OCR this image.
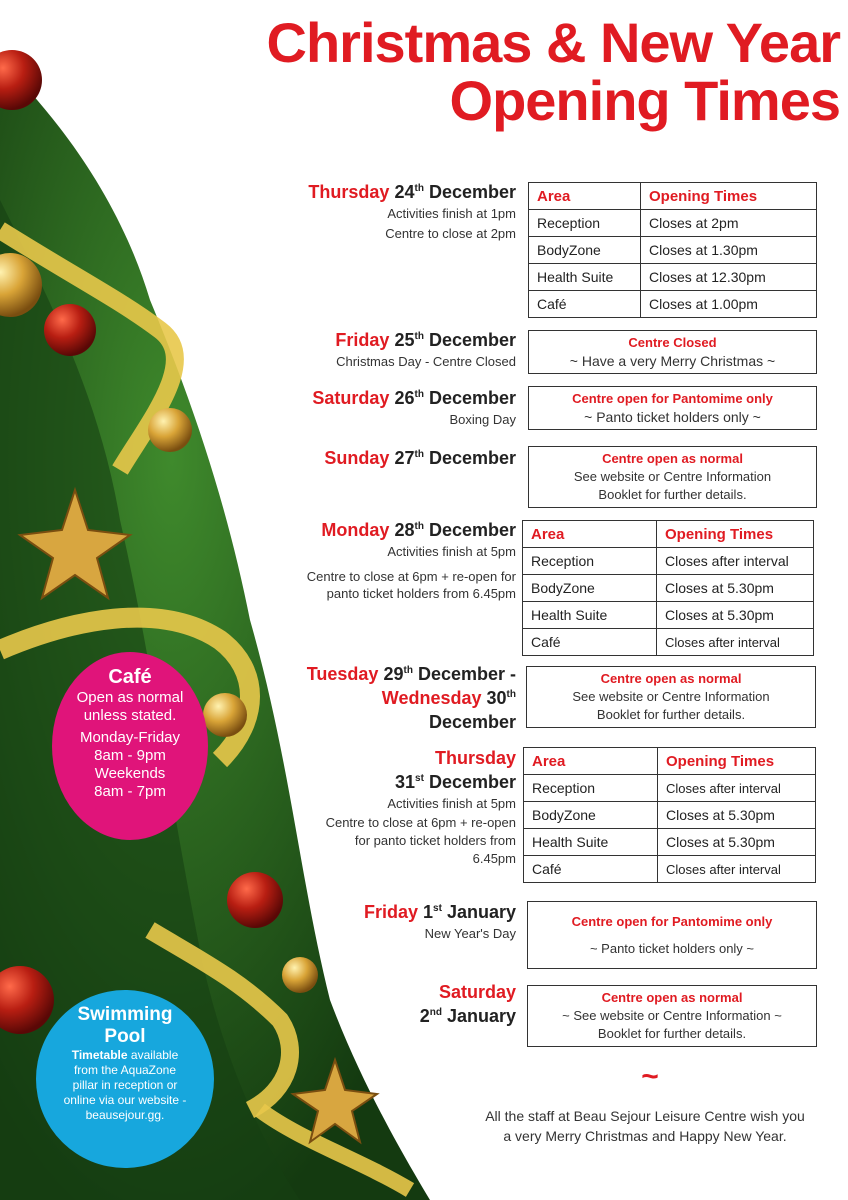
Christmas & New Year
Opening Times
Thursday 24th December
Activities finish at 1pm
Centre to close at 2pm
Area	Opening Times
Reception	Closes at 2pm
BodyZone	Closes at 1.30pm
Health Suite	Closes at 12.30pm
Café	Closes at 1.00pm
Friday 25th December
Christmas Day - Centre Closed
Centre Closed
~ Have a very Merry Christmas ~
Saturday 26th December
Boxing Day
Centre open for Pantomime only
~ Panto ticket holders only ~
Sunday 27th December	Centre open as normal
See website or Centre Information
Booklet for further details.
Monday 28th December
Activities finish at 5pm
Centre to close at 6pm + re-open for
panto ticket holders from 6.45pm
Area	Opening Times
Reception	Closes after interval
BodyZone	Closes at 5.30pm
Health Suite	Closes at 5.30pm
Café	Closes after interval
Tuesday 29th December -
Wednesday 30th
December
Centre open as normal
See website or Centre Information
Booklet for further details.
Thursday
31st December
Activities finish at 5pm
Centre to close at 6pm + re-open
for panto ticket holders from
6.45pm
Area	Opening Times
Reception	Closes after interval
BodyZone	Closes at 5.30pm
Health Suite	Closes at 5.30pm
Café	Closes after interval
Friday 1st January
New Year's Day
Centre open for Pantomime only
~ Panto ticket holders only ~
Saturday
2nd January
Centre open as normal
~ See website or Centre Information ~
Booklet for further details.
Café
Open as normal
unless stated.
Monday-Friday
8am - 9pm
Weekends
8am - 7pm
Swimming
Pool
Timetable available
from the AquaZone
pillar in reception or
online via our website -
beausejour.gg.
~
All the staff at Beau Sejour Leisure Centre wish you
a very Merry Christmas and Happy New Year.
